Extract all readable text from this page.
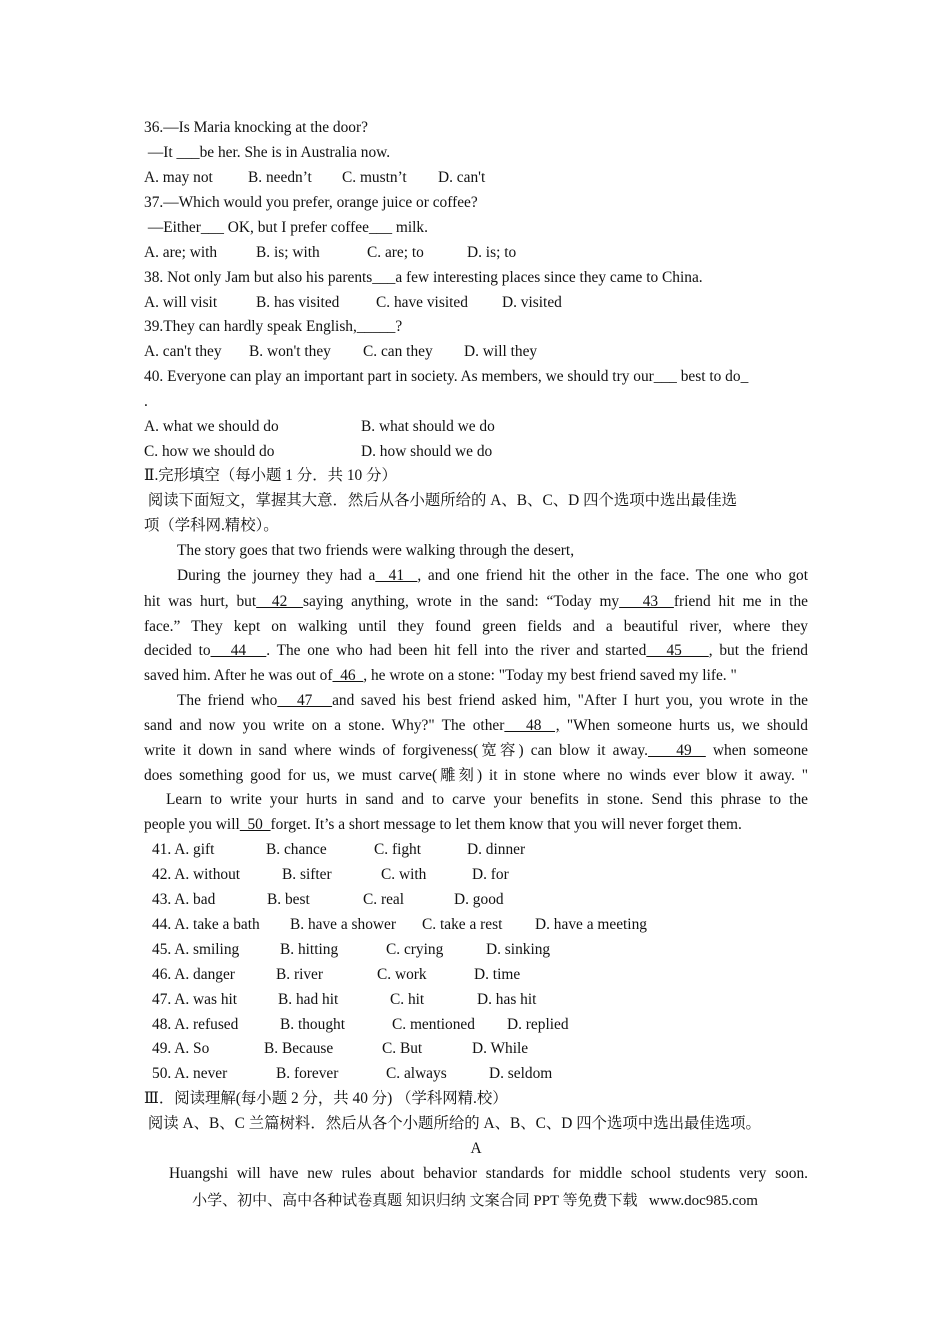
36.—Is Maria knocking at the door?
—It ___be her. She is in Australia now.
A. may not B. needn’t C. mustn’t D. can't
37.—Which would you prefer, orange juice or coffee?
—Either___ OK, but I prefer coffee___ milk.
A. are; with	B. is; with	C. are; to	D. is; to
38. Not only Jam but also his parents___a few interesting places since they came to China.
A. will visit	B. has visited C. have visited D. visited
39.They can hardly speak English,_____?
A. can't they B. won't they C. can they D. will they
40. Everyone can play an important part in society. As members, we should try our___ best to do_
.
A. what we should do	B. what should we do
C. how we should do	D. how should we do
Ⅱ.完形填空（每小题 1 分．共 10 分）
阅读下面短文，掌握其大意．然后从各小题所给的 A、B、C、D 四个选项中选出最佳选
项（学科网.精校）。
The story goes that two friends were walking through the desert,
During the journey they had a  41  , and one friend hit the other in the face. The one who got
hit was hurt, but  42  saying anything, wrote in the sand: “Today my   43  friend hit me in the
face.” They kept on walking until they found green fields and a beautiful river, where they
decided to   44   . The one who had been hit fell into the river and started   45    , but the friend
saved him. After he was out of  46  , he wrote on a stone: "Today my best friend saved my life. "
The friend who   47   and saved his best friend asked him, "After I hurt you, you wrote in the
sand and now you write on a stone. Why?" The other   48  , "When someone hurts us, we should
write it down in sand where winds of forgiveness(宽容) can blow it away.    49   when someone
does something good for us, we must carve(雕刻) it in stone where no winds ever blow it away. "
Learn to write your hurts in sand and to carve your benefits in stone. Send this phrase to the
people you will  50  forget. It’s a short message to let them know that you will never forget them.
41. A. gift	B. chance	C. fight	D. dinner
42. A. without	B. sifter	C. with	D. for
43. A. bad	B. best	C. real	D. good
44. A. take a bath B. have a shower C. take a rest D. have a meeting
45. A. smiling	B. hitting	C. crying	D. sinking
46. A. danger	B. river	C. work	D. time
47. A. was hit	B. had hit	C. hit	D. has hit
48. A. refused	B. thought	C. mentioned D. replied
49. A. So	B. Because	C. But	D. While
50. A. never	B. forever	C. always	D. seldom
Ⅲ．阅读理解(每小题 2 分，共 40 分) （学科网精.校）
阅读 A、B、C 兰篇树料．然后从各个小题所给的 A、B、C、D 四个选项中选出最佳选项。
A
Huangshi will have new rules about behavior standards for middle school students very soon.
小学、初中、高中各种试卷真题 知识归纳 文案合同 PPT 等免费下载   www.doc985.com
